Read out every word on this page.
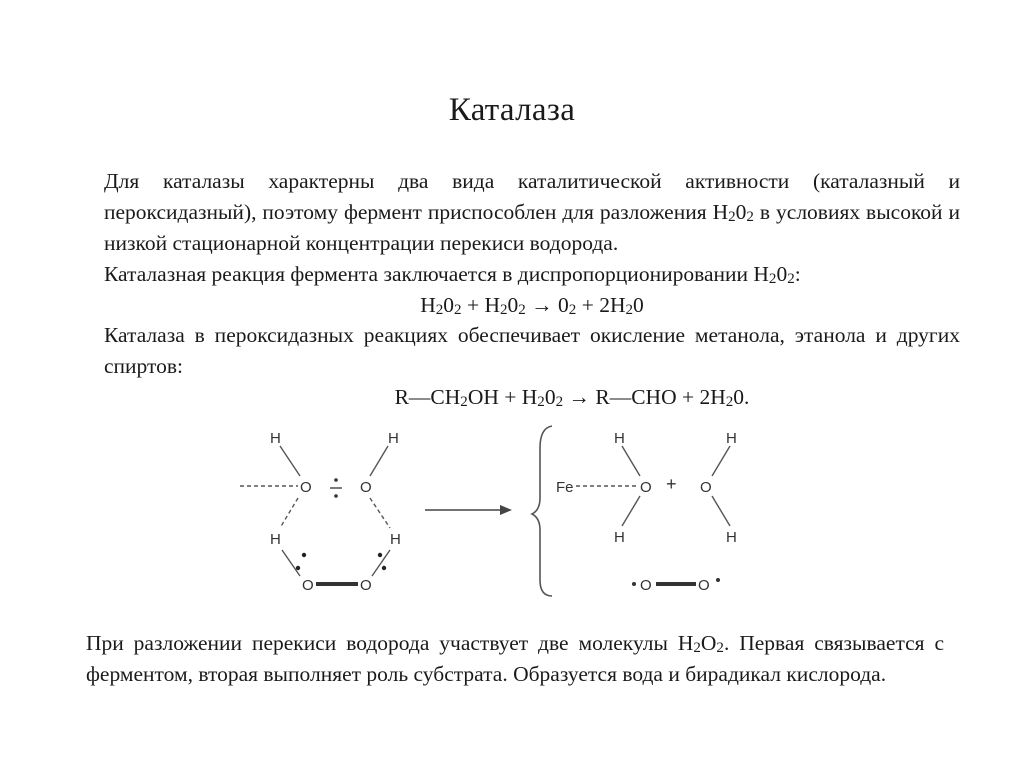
Каталаза

Для каталазы характерны два вида каталитической активности (каталазный и пероксидазный), поэтому фермент приспособлен для разложения $H_20_2$ в условиях высокой и низкой стационарной концентрации перекиси водорода.

Каталазная реакция фермента заключается в диспропорционировании $H_20_2$:

$H_20_2 + H_20_2 \to 0_2 + 2H_20$

Каталаза в пероксидазных реакциях обеспечивает окисление метанола, этанола и других спиртов:

$R—CH_2OH + H_20_2$ → R—CHO + $2H_20$.

H	H
O	O
H	H
O	O
Fe
H
O
H
+
H
O
H
O	O

При разложении перекиси водорода участвует две молекулы $H_2O_2$. Первая связывается с ферментом, вторая выполняет роль субстрата. Образуется вода и бирадикал кислорода.
